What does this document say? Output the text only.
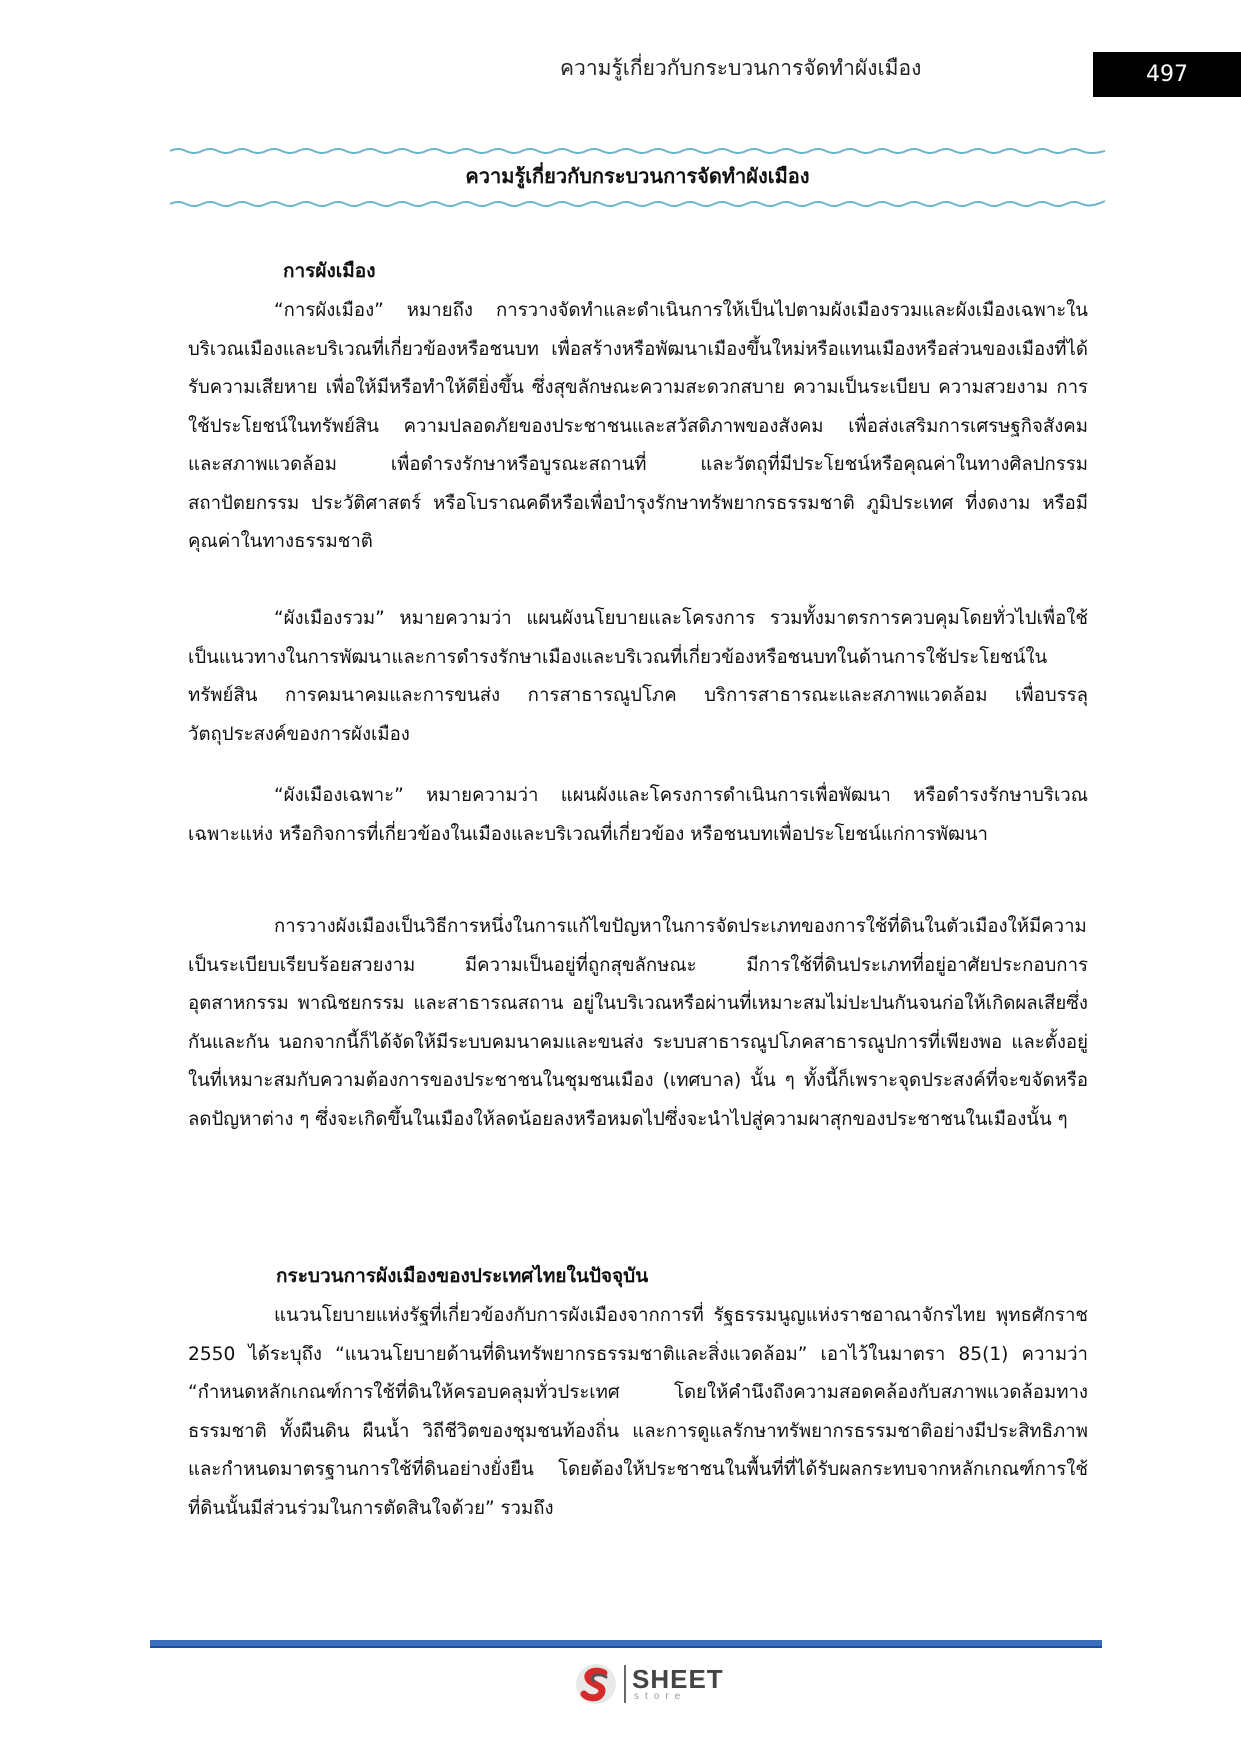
ความรู้เกี่ยวกับกระบวนการจัดทำผังเมือง	497
ความรู้เกี่ยวกับกระบวนการจัดทำผังเมือง
การผังเมือง

“การผังเมือง” หมายถึง การวางจัดทำและดำเนินการให้เป็นไปตามผังเมืองรวมและผังเมืองเฉพาะในบริเวณเมืองและบริเวณที่เกี่ยวข้องหรือชนบท เพื่อสร้างหรือพัฒนาเมืองขึ้นใหม่หรือแทนเมืองหรือส่วนของเมืองที่ได้รับความเสียหาย เพื่อให้มีหรือทำให้ดียิ่งขึ้น ซึ่งสุขลักษณะความสะดวกสบาย ความเป็นระเบียบ ความสวยงาม การใช้ประโยชน์ในทรัพย์สิน ความปลอดภัยของประชาชนและสวัสดิภาพของสังคม เพื่อส่งเสริมการเศรษฐกิจสังคม และสภาพแวดล้อม เพื่อดำรงรักษาหรือบูรณะสถานที่ และวัตถุที่มีประโยชน์หรือคุณค่าในทางศิลปกรรม สถาปัตยกรรม ประวัติศาสตร์ หรือโบราณคดีหรือเพื่อบำรุงรักษาทรัพยากรธรรมชาติ ภูมิประเทศ ที่งดงาม หรือมีคุณค่าในทางธรรมชาติ

“ผังเมืองรวม” หมายความว่า แผนผังนโยบายและโครงการ รวมทั้งมาตรการควบคุมโดยทั่วไปเพื่อใช้เป็นแนวทางในการพัฒนาและการดำรงรักษาเมืองและบริเวณที่เกี่ยวข้องหรือชนบทในด้านการใช้ประโยชน์ในทรัพย์สิน การคมนาคมและการขนส่ง การสาธารณูปโภค บริการสาธารณะและสภาพแวดล้อม เพื่อบรรลุวัตถุประสงค์ของการผังเมือง

“ผังเมืองเฉพาะ” หมายความว่า แผนผังและโครงการดำเนินการเพื่อพัฒนา หรือดำรงรักษาบริเวณเฉพาะแห่ง หรือกิจการที่เกี่ยวข้องในเมืองและบริเวณที่เกี่ยวข้อง หรือชนบทเพื่อประโยชน์แก่การพัฒนา

การวางผังเมืองเป็นวิธีการหนึ่งในการแก้ไขปัญหาในการจัดประเภทของการใช้ที่ดินในตัวเมืองให้มีความเป็นระเบียบเรียบร้อยสวยงาม มีความเป็นอยู่ที่ถูกสุขลักษณะ มีการใช้ที่ดินประเภทที่อยู่อาศัยประกอบการอุตสาหกรรม พาณิชยกรรม และสาธารณสถาน อยู่ในบริเวณหรือผ่านที่เหมาะสมไม่ปะปนกันจนก่อให้เกิดผลเสียซึ่งกันและกัน นอกจากนี้ก็ได้จัดให้มีระบบคมนาคมและขนส่ง ระบบสาธารณูปโภคสาธารณูปการที่เพียงพอ และตั้งอยู่ในที่เหมาะสมกับความต้องการของประชาชนในชุมชนเมือง (เทศบาล) นั้น ๆ ทั้งนี้ก็เพราะจุดประสงค์ที่จะขจัดหรือลดปัญหาต่าง ๆ ซึ่งจะเกิดขึ้นในเมืองให้ลดน้อยลงหรือหมดไปซึ่งจะนำไปสู่ความผาสุกของประชาชนในเมืองนั้น ๆ

กระบวนการผังเมืองของประเทศไทยในปัจจุบัน

แนวนโยบายแห่งรัฐที่เกี่ยวข้องกับการผังเมืองจากการที่ รัฐธรรมนูญแห่งราชอาณาจักรไทย พุทธศักราช 2550 ได้ระบุถึง “แนวนโยบายด้านที่ดินทรัพยากรธรรมชาติและสิ่งแวดล้อม” เอาไว้ในมาตรา 85(1) ความว่า “กำหนดหลักเกณฑ์การใช้ที่ดินให้ครอบคลุมทั่วประเทศ โดยให้คำนึงถึงความสอดคล้องกับสภาพแวดล้อมทางธรรมชาติ ทั้งผืนดิน ผืนน้ำ วิถีชีวิตของชุมชนท้องถิ่น และการดูแลรักษาทรัพยากรธรรมชาติอย่างมีประสิทธิภาพและกำหนดมาตรฐานการใช้ที่ดินอย่างยั่งยืน โดยต้องให้ประชาชนในพื้นที่ที่ได้รับผลกระทบจากหลักเกณฑ์การใช้ที่ดินนั้นมีส่วนร่วมในการตัดสินใจด้วย” รวมถึง

SHEET
store
